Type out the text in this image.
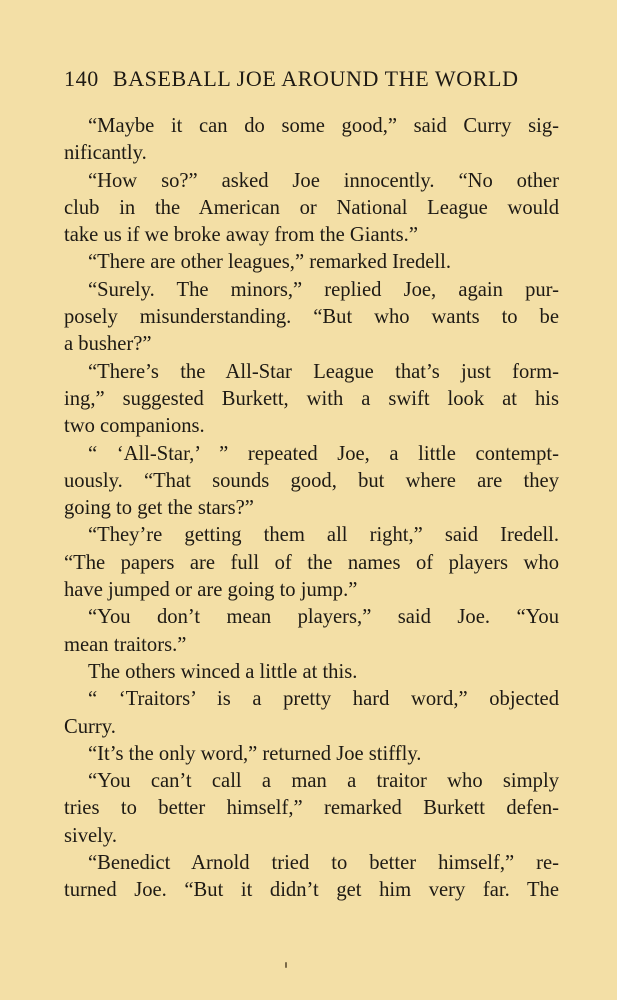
140 BASEBALL JOE AROUND THE WORLD
“Maybe it can do some good,” said Curry sig-
nificantly.
“How so?” asked Joe innocently. “No other
club in the American or National League would
take us if we broke away from the Giants.”
“There are other leagues,” remarked Iredell.
“Surely. The minors,” replied Joe, again pur-
posely misunderstanding. “But who wants to be
a busher?”
“There’s the All-Star League that’s just form-
ing,” suggested Burkett, with a swift look at his
two companions.
“ ‘All-Star,’ ” repeated Joe, a little contempt-
uously. “That sounds good, but where are they
going to get the stars?”
“They’re getting them all right,” said Iredell.
“The papers are full of the names of players who
have jumped or are going to jump.”
“You don’t mean players,” said Joe. “You
mean traitors.”
The others winced a little at this.
“ ‘Traitors’ is a pretty hard word,” objected
Curry.
“It’s the only word,” returned Joe stiffly.
“You can’t call a man a traitor who simply
tries to better himself,” remarked Burkett defen-
sively.
“Benedict Arnold tried to better himself,” re-
turned Joe. “But it didn’t get him very far. The
